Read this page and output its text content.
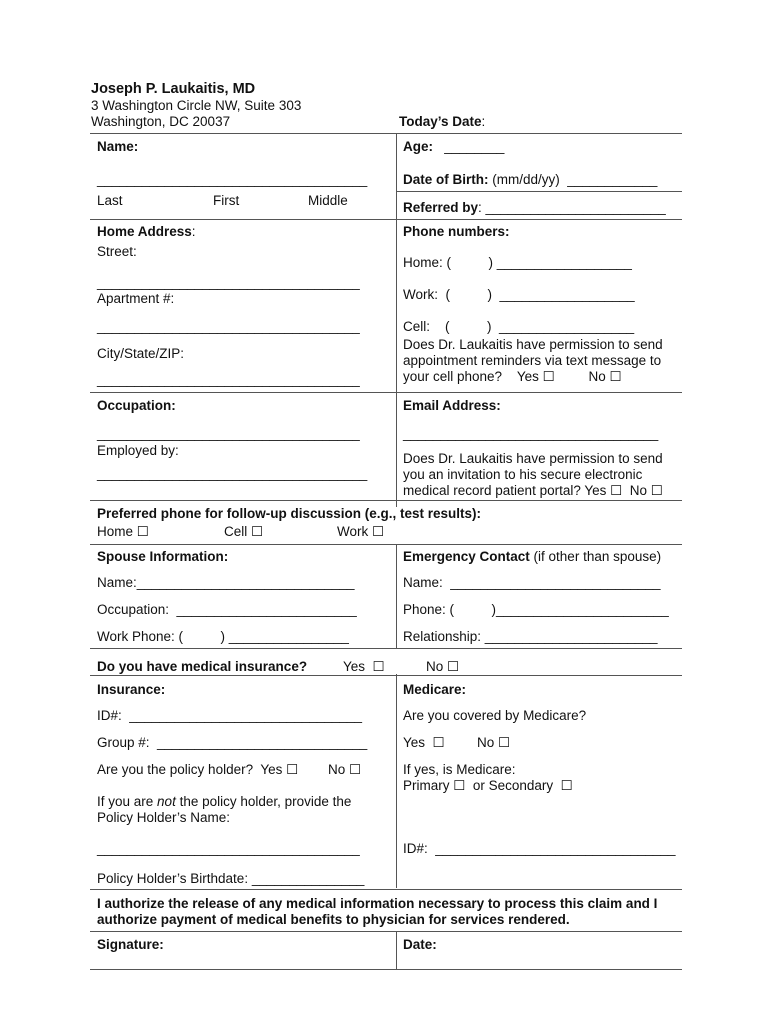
Joseph P. Laukaitis, MD
3 Washington Circle NW, Suite 303
Washington, DC 20037	Today’s Date:
Name:
____________________________________
Last	First	Middle
Age: ________
Date of Birth: (mm/dd/yy)  ____________
Referred by: ________________________
Home Address:
Street:
___________________________________
Apartment #:
___________________________________
City/State/ZIP:
___________________________________
Phone numbers:
Home: (          ) __________________
Work:  (          )  __________________
Cell:    (          )  __________________
Does Dr. Laukaitis have permission to send
appointment reminders via text message to
your cell phone?    Yes ☐         No ☐
Occupation:
___________________________________
Employed by:
____________________________________
Email Address:
__________________________________
Does Dr. Laukaitis have permission to send
you an invitation to his secure electronic
medical record patient portal? Yes ☐  No ☐
Preferred phone for follow-up discussion (e.g., test results):
Home ☐	Cell ☐	Work ☐
Spouse Information:
Name:_____________________________
Occupation:  ________________________
Work Phone: (          ) ________________
Emergency Contact (if other than spouse)
Name:  ____________________________
Phone: (          )_______________________
Relationship: _______________________
Do you have medical insurance?	Yes  ☐	No ☐
Insurance:
ID#:  _______________________________
Group #:  ____________________________
Are you the policy holder?  Yes ☐ No ☐
If you are not the policy holder, provide the
Policy Holder’s Name:
___________________________________
Policy Holder’s Birthdate: _______________
Medicare:
Are you covered by Medicare?
Yes  ☐ No ☐
If yes, is Medicare:
Primary ☐  or Secondary  ☐
ID#:  ________________________________
I authorize the release of any medical information necessary to process this claim and I
authorize payment of medical benefits to physician for services rendered.
Signature:	Date:
